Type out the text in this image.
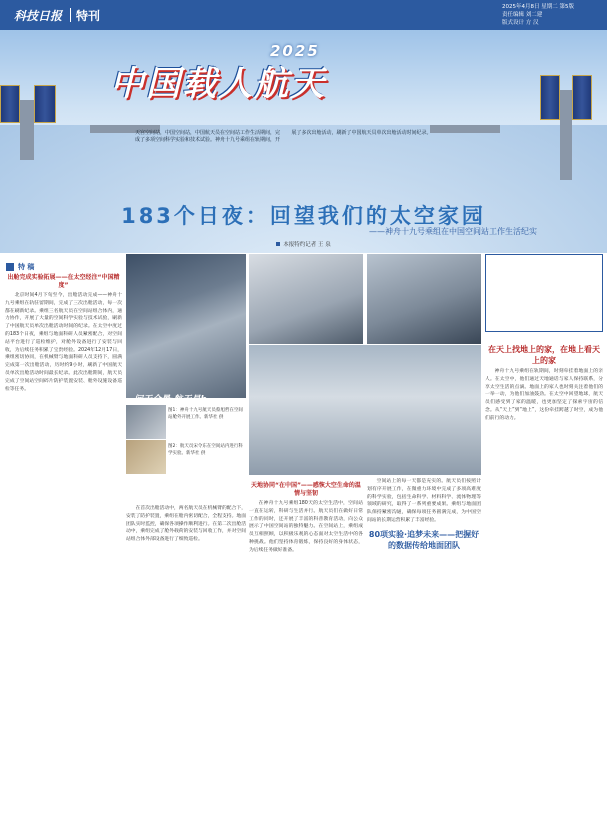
科技日报 特刊
2025年4月8日 星期二 第5版
责任编辑 刘二建
版式设计 方 汉
2025
中国载人航天
天宫空间站，中国空间站，中国航天员在空间站工作生活期间，完成了多项空间科学实验和技术试验。神舟十九号乘组在轨期间，开展了多次出舱活动，刷新了中国航天员单次出舱活动时间纪录。
183个日夜：回望我们的太空家园
——神舟十九号乘组在中国空间站工作生活纪实
本报特约记者 王 泉
出舱完成实验拓展——在太空经注“中国精度”

北京时间4月下旬至今，出舱活动完成——神舟十九号乘组在轨驻留期间，完成了三次出舱活动，每一次都在刷新纪录。乘组三名航天员在空间站组合体内，通力协作，开展了大量的空间科学实验与技术试验，刷新了中国航天员单次出舱活动时间的纪录。在太空中度过的183个日夜，乘组与地面科研人员紧密配合，对空间站平台进行了巡检维护，对舱外设备进行了安装与回收，为后续任务积累了宝贵经验。2024年12月17日，乘组密切协同，在机械臂与地面科研人员支持下，圆满完成第一次出舱活动，历时约9小时，刷新了中国航天员单次出舱活动时间最长纪录。此次出舱期间，航天员完成了空间站空间碎片防护装置安装、舱外设施设备巡检等任务。

特 稿
问天全景·航天员b
图1：神舟十九号航天员蔡旭哲在空间站舱外开展工作。新华社 供
图2：航天员宋令东在空间站内进行科学实验。新华社 供

在首次出舱活动中，两名航天员在机械臂的配合下，安装了防护装置，乘组在舱内密切配合，全程支持。地面团队实时监控，确保各项操作顺利进行。在第二次出舱活动中，乘组完成了舱外载荷的安装与回收工作，并对空间站组合体外部设备进行了细致巡检。

天地协同“在中国”——感恢大空生命的温情与坚韧

在神舟十九号乘组180天的太空生活中，空间站一直在运转，科研与生活并行。航天员们在做好日常工作的同时，还开展了丰富的科普教育活动，向公众展示了中国空间站的独特魅力。在空间站上，乘组成员互相照顾，以积极乐观的心态面对太空生活中的各种挑战。他们坚持体育锻炼，保持良好的身体状态，为后续任务做好准备。

空间站上的每一天都是充实的。航天员们按照计划有序开展工作，在微重力环境中完成了多项高难度的科学实验，包括生命科学、材料科学、流体物理等领域的研究，取得了一系列重要成果。乘组与地面团队保持紧密沟通，确保每项任务圆满完成，为中国空间站的长期运营积累了丰富经验。

80项实验·追梦未来——把握好的数据传给地面团队
在天上找地上的家，在地上看天上的家

神舟十九号乘组在轨期间，时刻牵挂着地面上的亲人。在太空中，他们通过天地通话与家人保持联系，分享太空生活的点滴。地面上的家人也时刻关注着他们的一举一动，为他们加油鼓劲。在太空中回望地球，航天员们感受到了家的温暖，也更加坚定了探索宇宙的信念。从“天上”到“地上”，这份牵挂跨越了时空，成为他们前行的动力。
